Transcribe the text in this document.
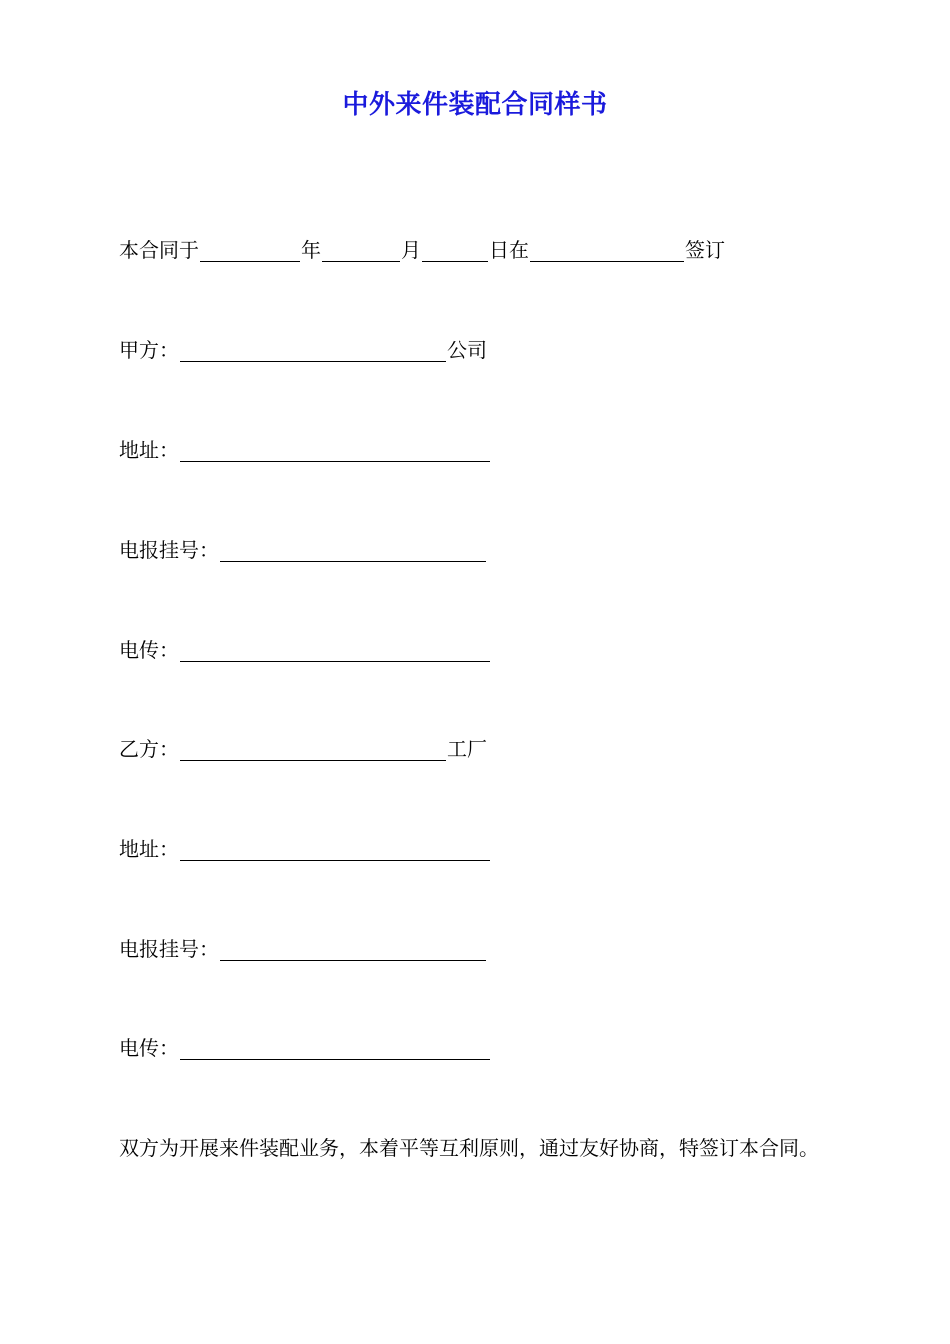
中外来件装配合同样书
本合同于	年	月	日在	签订
甲方：	公司
地址：
电报挂号：
电传：
乙方：	工厂
地址：
电报挂号：
电传：
双方为开展来件装配业务，本着平等互利原则，通过友好协商，特签订本合同。
